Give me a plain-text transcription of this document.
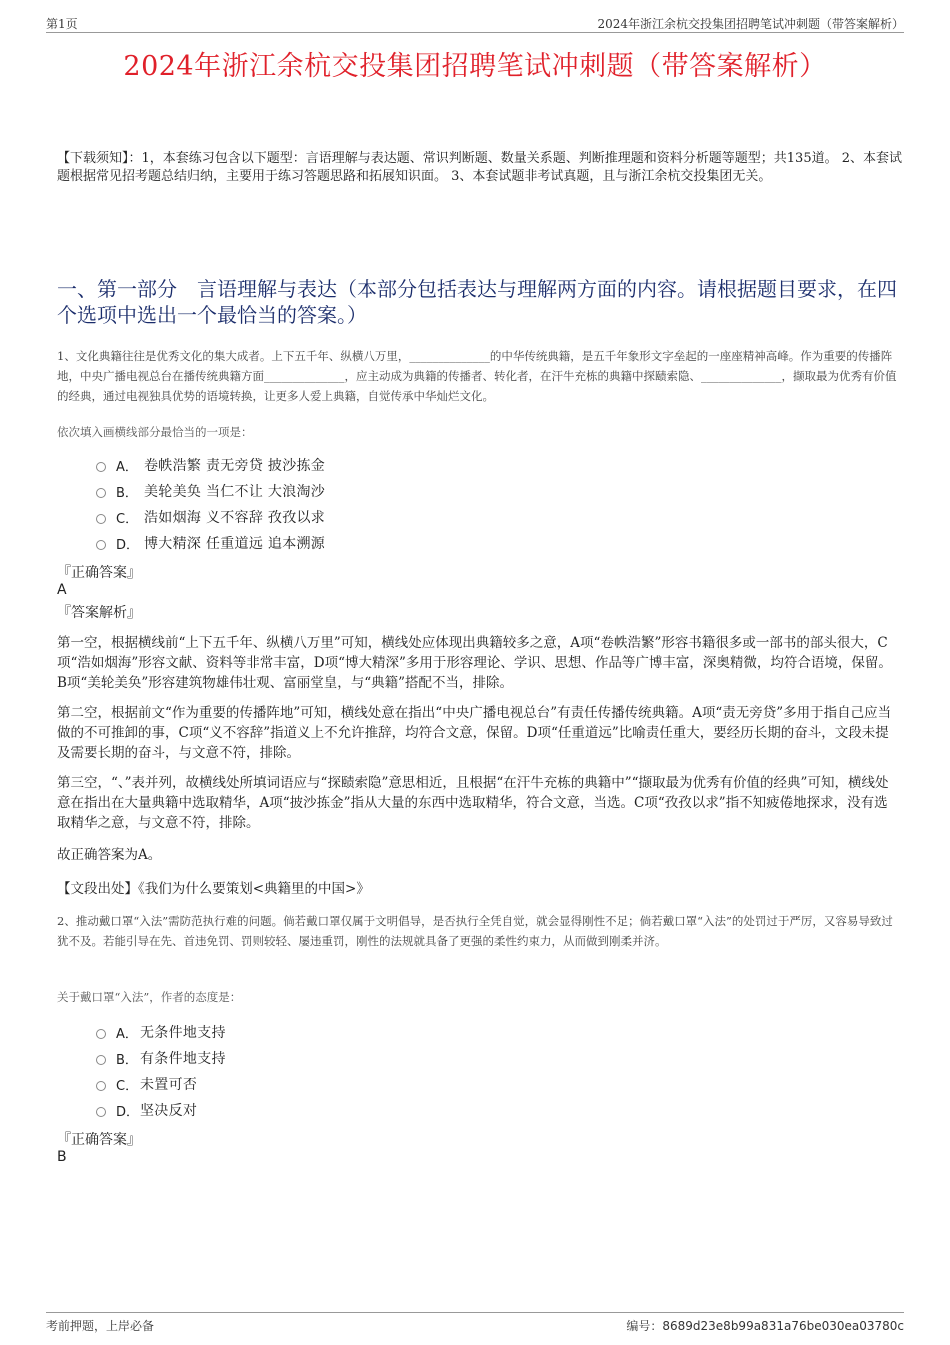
第1页	2024年浙江余杭交投集团招聘笔试冲刺题（带答案解析）
2024年浙江余杭交投集团招聘笔试冲刺题（带答案解析）
【下载须知】：1，本套练习包含以下题型：言语理解与表达题、常识判断题、数量关系题、判断推理题和资料分析题等题型；共135道。 2、本套试题根据常见招考题总结归纳，主要用于练习答题思路和拓展知识面。 3、本套试题非考试真题，且与浙江余杭交投集团无关。
一、第一部分　言语理解与表达（本部分包括表达与理解两方面的内容。请根据题目要求，在四个选项中选出一个最恰当的答案。）
1、文化典籍往往是优秀文化的集大成者。上下五千年、纵横八万里，______________的中华传统典籍，是五千年象形文字垒起的一座座精神高峰。作为重要的传播阵地，中央广播电视总台在播传统典籍方面______________，应主动成为典籍的传播者、转化者，在汗牛充栋的典籍中探赜索隐、______________，撷取最为优秀有价值的经典，通过电视独具优势的语境转换，让更多人爱上典籍，自觉传承中华灿烂文化。
依次填入画横线部分最恰当的一项是：
A． 卷帙浩繁 责无旁贷 披沙拣金
B． 美轮美奂 当仁不让 大浪淘沙
C． 浩如烟海 义不容辞 孜孜以求
D． 博大精深 任重道远 追本溯源
『正确答案』
A
『答案解析』
第一空，根据横线前“上下五千年、纵横八万里”可知，横线处应体现出典籍较多之意，A项“卷帙浩繁”形容书籍很多或一部书的部头很大，C项“浩如烟海”形容文献、资料等非常丰富，D项“博大精深”多用于形容理论、学识、思想、作品等广博丰富，深奥精微，均符合语境，保留。B项“美轮美奂”形容建筑物雄伟壮观、富丽堂皇，与“典籍”搭配不当，排除。
第二空，根据前文“作为重要的传播阵地”可知，横线处意在指出“中央广播电视总台”有责任传播传统典籍。A项“责无旁贷”多用于指自己应当做的不可推卸的事，C项“义不容辞”指道义上不允许推辞，均符合文意，保留。D项“任重道远”比喻责任重大，要经历长期的奋斗，文段未提及需要长期的奋斗，与文意不符，排除。
第三空，“、”表并列，故横线处所填词语应与“探赜索隐”意思相近，且根据“在汗牛充栋的典籍中”“撷取最为优秀有价值的经典”可知，横线处意在指出在大量典籍中选取精华，A项“披沙拣金”指从大量的东西中选取精华，符合文意，当选。C项“孜孜以求”指不知疲倦地探求，没有选取精华之意，与文意不符，排除。
故正确答案为A。
【文段出处】《我们为什么要策划<典籍里的中国>》
2、推动戴口罩“入法”需防范执行难的问题。倘若戴口罩仅属于文明倡导，是否执行全凭自觉，就会显得刚性不足；倘若戴口罩“入法”的处罚过于严厉，又容易导致过犹不及。若能引导在先、首违免罚、罚则较轻、屡违重罚，刚性的法规就具备了更强的柔性约束力，从而做到刚柔并济。
关于戴口罩“入法”，作者的态度是：
A． 无条件地支持
B． 有条件地支持
C． 未置可否
D． 坚决反对
『正确答案』
B
考前押题，上岸必备	编号：8689d23e8b99a831a76be030ea03780c
